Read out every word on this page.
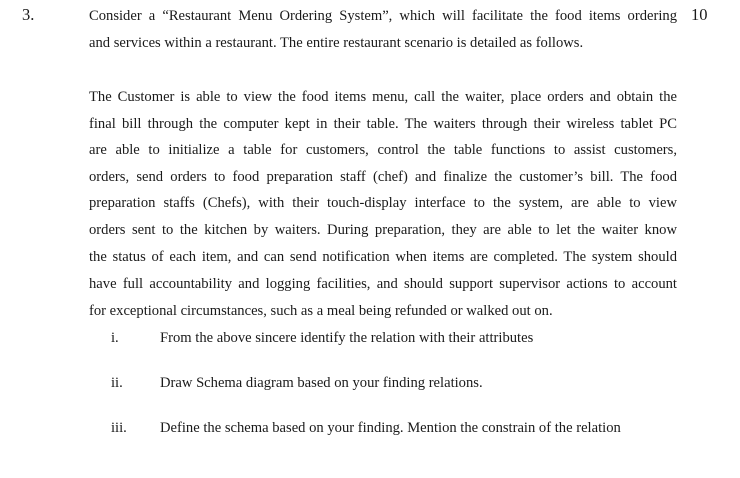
3.	10
Consider a “Restaurant Menu Ordering System”, which will facilitate the food items ordering
and services within a restaurant. The entire restaurant scenario is detailed as follows.
The Customer is able to view the food items menu, call the waiter, place orders and obtain the
final bill through the computer kept in their table. The waiters through their wireless tablet PC
are able to initialize a table for customers, control the table functions to assist customers,
orders, send orders to food preparation staff (chef) and finalize the customer’s bill. The food
preparation staffs (Chefs), with their touch-display interface to the system, are able to view
orders sent to the kitchen by waiters. During preparation, they are able to let the waiter know
the status of each item, and can send notification when items are completed. The system should
have full accountability and logging facilities, and should support supervisor actions to account
for exceptional circumstances, such as a meal being refunded or walked out on.
i.	From the above sincere identify the relation with their attributes
ii.	Draw Schema diagram based on your finding relations.
iii. Define the schema based on your finding. Mention the constrain of the relation
